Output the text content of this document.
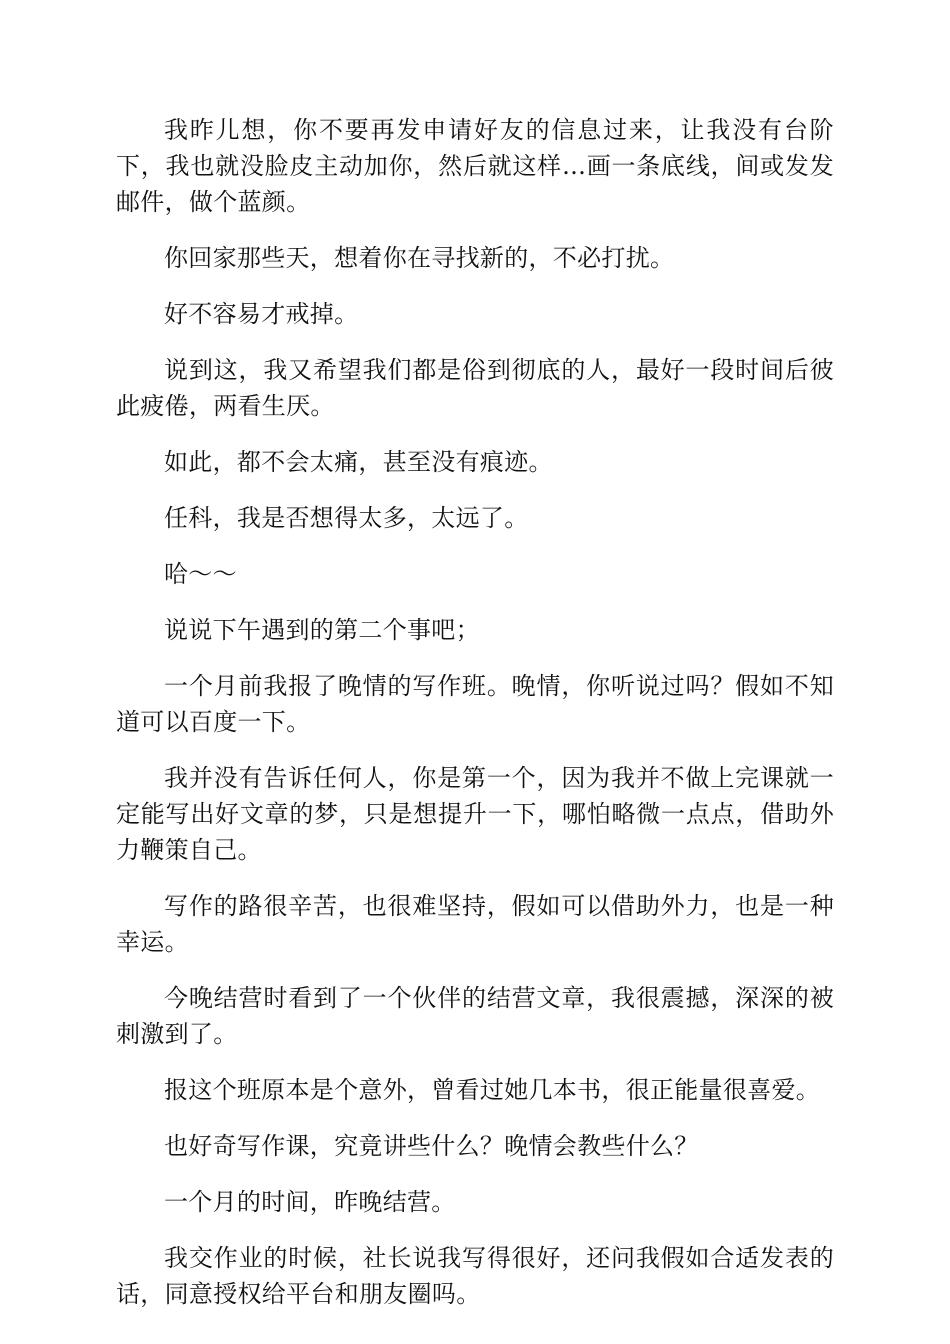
我昨儿想，你不要再发申请好友的信息过来，让我没有台阶下，我也就没脸皮主动加你，然后就这样…画一条底线，间或发发邮件，做个蓝颜。

你回家那些天，想着你在寻找新的，不必打扰。

好不容易才戒掉。

说到这，我又希望我们都是俗到彻底的人，最好一段时间后彼此疲倦，两看生厌。

如此，都不会太痛，甚至没有痕迹。

任科，我是否想得太多，太远了。

哈～～

说说下午遇到的第二个事吧；

一个月前我报了晚情的写作班。晚情，你听说过吗？假如不知道可以百度一下。

我并没有告诉任何人，你是第一个，因为我并不做上完课就一定能写出好文章的梦，只是想提升一下，哪怕略微一点点，借助外力鞭策自己。

写作的路很辛苦，也很难坚持，假如可以借助外力，也是一种幸运。

今晚结营时看到了一个伙伴的结营文章，我很震撼，深深的被刺激到了。

报这个班原本是个意外，曾看过她几本书，很正能量很喜爱。

也好奇写作课，究竟讲些什么？晚情会教些什么？

一个月的时间，昨晚结营。

我交作业的时候，社长说我写得很好，还问我假如合适发表的话，同意授权给平台和朋友圈吗。
